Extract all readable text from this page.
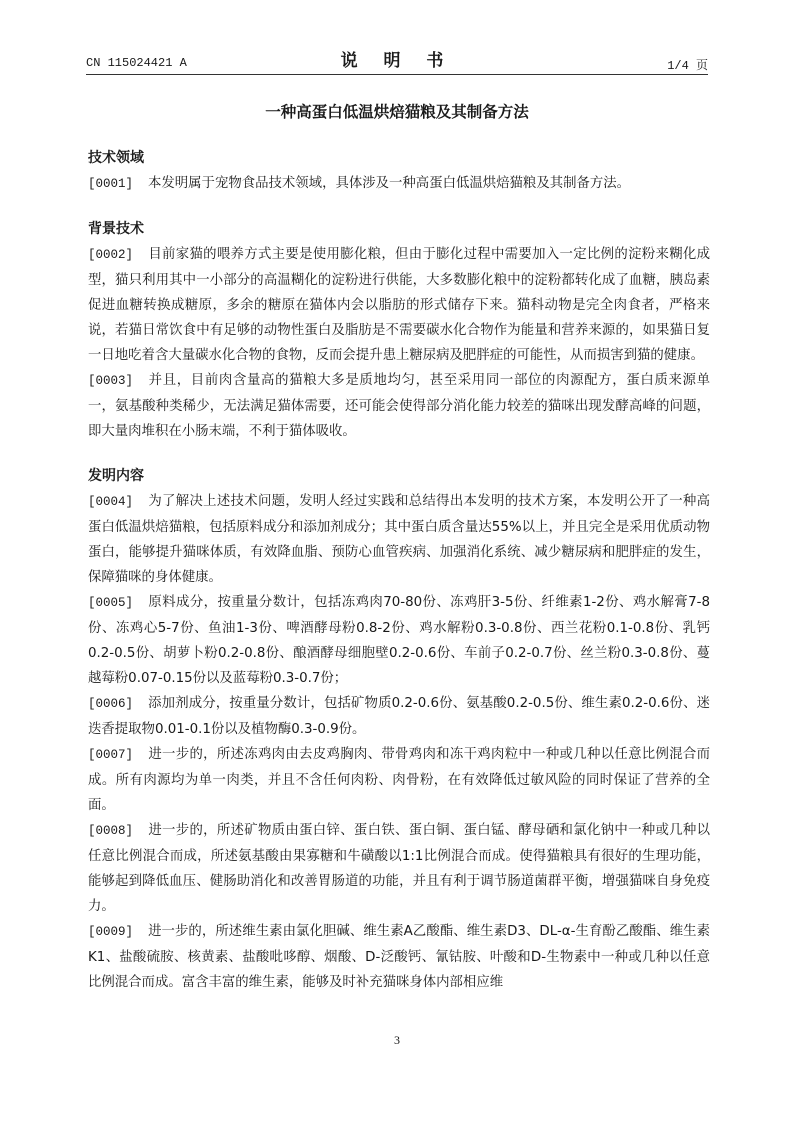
CN 115024421 A	说 明 书	1/4 页
一种高蛋白低温烘焙猫粮及其制备方法

技术领域

[0001] 本发明属于宠物食品技术领域，具体涉及一种高蛋白低温烘焙猫粮及其制备方法。

背景技术

[0002] 目前家猫的喂养方式主要是使用膨化粮，但由于膨化过程中需要加入一定比例的淀粉来糊化成型，猫只利用其中一小部分的高温糊化的淀粉进行供能，大多数膨化粮中的淀粉都转化成了血糖，胰岛素促进血糖转换成糖原，多余的糖原在猫体内会以脂肪的形式储存下来。猫科动物是完全肉食者，严格来说，若猫日常饮食中有足够的动物性蛋白及脂肪是不需要碳水化合物作为能量和营养来源的，如果猫日复一日地吃着含大量碳水化合物的食物，反而会提升患上糖尿病及肥胖症的可能性，从而损害到猫的健康。

[0003] 并且，目前肉含量高的猫粮大多是质地均匀，甚至采用同一部位的肉源配方，蛋白质来源单一，氨基酸种类稀少，无法满足猫体需要，还可能会使得部分消化能力较差的猫咪出现发酵高峰的问题，即大量肉堆积在小肠末端，不利于猫体吸收。

发明内容

[0004] 为了解决上述技术问题，发明人经过实践和总结得出本发明的技术方案，本发明公开了一种高蛋白低温烘焙猫粮，包括原料成分和添加剂成分；其中蛋白质含量达55%以上，并且完全是采用优质动物蛋白，能够提升猫咪体质，有效降血脂、预防心血管疾病、加强消化系统、减少糖尿病和肥胖症的发生，保障猫咪的身体健康。

[0005] 原料成分，按重量分数计，包括冻鸡肉70-80份、冻鸡肝3-5份、纤维素1-2份、鸡水解膏7-8份、冻鸡心5-7份、鱼油1-3份、啤酒酵母粉0.8-2份、鸡水解粉0.3-0.8份、西兰花粉0.1-0.8份、乳钙0.2-0.5份、胡萝卜粉0.2-0.8份、酿酒酵母细胞壁0.2-0.6份、车前子0.2-0.7份、丝兰粉0.3-0.8份、蔓越莓粉0.07-0.15份以及蓝莓粉0.3-0.7份；

[0006] 添加剂成分，按重量分数计，包括矿物质0.2-0.6份、氨基酸0.2-0.5份、维生素0.2-0.6份、迷迭香提取物0.01-0.1份以及植物酶0.3-0.9份。

[0007] 进一步的，所述冻鸡肉由去皮鸡胸肉、带骨鸡肉和冻干鸡肉粒中一种或几种以任意比例混合而成。所有肉源均为单一肉类，并且不含任何肉粉、肉骨粉，在有效降低过敏风险的同时保证了营养的全面。

[0008] 进一步的，所述矿物质由蛋白锌、蛋白铁、蛋白铜、蛋白锰、酵母硒和氯化钠中一种或几种以任意比例混合而成，所述氨基酸由果寡糖和牛磺酸以1:1比例混合而成。使得猫粮具有很好的生理功能，能够起到降低血压、健肠助消化和改善胃肠道的功能，并且有利于调节肠道菌群平衡，增强猫咪自身免疫力。

[0009] 进一步的，所述维生素由氯化胆碱、维生素A乙酸酯、维生素D3、DL-α-生育酚乙酸酯、维生素K1、盐酸硫胺、核黄素、盐酸吡哆醇、烟酸、D-泛酸钙、氰钴胺、叶酸和D-生物素中一种或几种以任意比例混合而成。富含丰富的维生素，能够及时补充猫咪身体内部相应维

3
